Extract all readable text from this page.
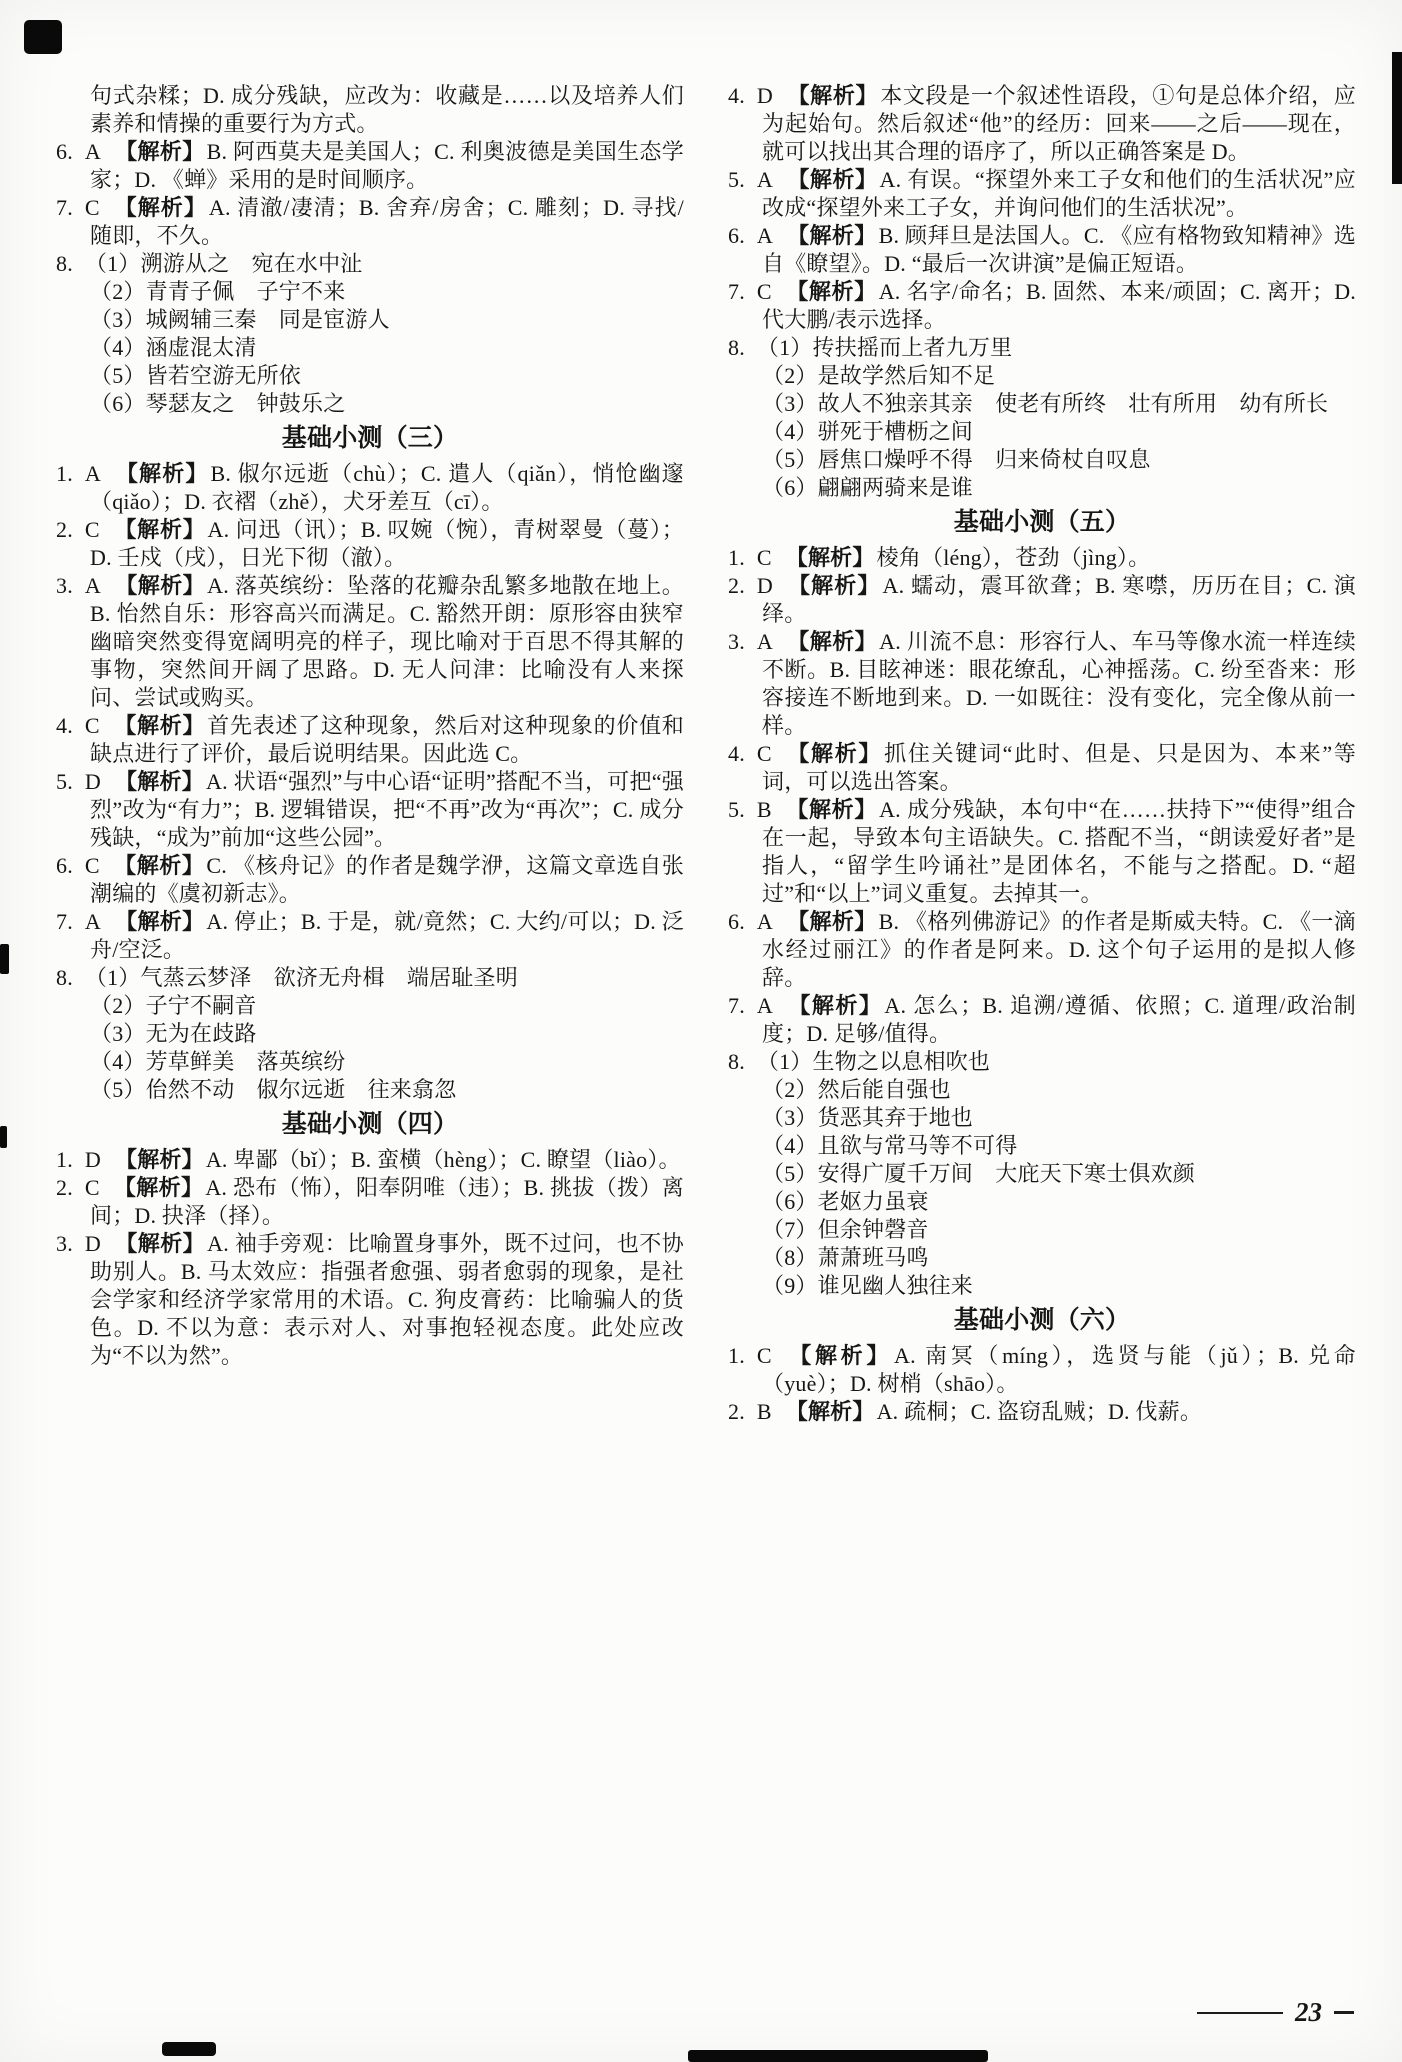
句式杂糅；D. 成分残缺，应改为：收藏是……以及培养人们素养和情操的重要行为方式。
6. A 【解析】B. 阿西莫夫是美国人；C. 利奥波德是美国生态学家；D. 《蝉》采用的是时间顺序。
7. C 【解析】A. 清澈/凄清；B. 舍弃/房舍；C. 雕刻；D. 寻找/随即，不久。
8. （1）溯游从之　宛在水中沚
（2）青青子佩　子宁不来
（3）城阙辅三秦　同是宦游人
（4）涵虚混太清
（5）皆若空游无所依
（6）琴瑟友之　钟鼓乐之
基础小测（三）
1. A 【解析】B. 俶尔远逝（chù）；C. 遣人（qiǎn），悄怆幽邃（qiǎo）；D. 衣褶（zhě），犬牙差互（cī）。
2. C 【解析】A. 问迅（讯）；B. 叹婉（惋），青树翠曼（蔓）；D. 壬戍（戌），日光下彻（澈）。
3. A 【解析】A. 落英缤纷：坠落的花瓣杂乱繁多地散在地上。B. 怡然自乐：形容高兴而满足。C. 豁然开朗：原形容由狭窄幽暗突然变得宽阔明亮的样子，现比喻对于百思不得其解的事物，突然间开阔了思路。D. 无人问津：比喻没有人来探问、尝试或购买。
4. C 【解析】首先表述了这种现象，然后对这种现象的价值和缺点进行了评价，最后说明结果。因此选 C。
5. D 【解析】A. 状语“强烈”与中心语“证明”搭配不当，可把“强烈”改为“有力”；B. 逻辑错误，把“不再”改为“再次”；C. 成分残缺，“成为”前加“这些公园”。
6. C 【解析】C. 《核舟记》的作者是魏学洢，这篇文章选自张潮编的《虞初新志》。
7. A 【解析】A. 停止；B. 于是，就/竟然；C. 大约/可以；D. 泛舟/空泛。
8. （1）气蒸云梦泽　欲济无舟楫　端居耻圣明
（2）子宁不嗣音
（3）无为在歧路
（4）芳草鲜美　落英缤纷
（5）佁然不动　俶尔远逝　往来翕忽
基础小测（四）
1. D 【解析】A. 卑鄙（bǐ）；B. 蛮横（hèng）；C. 瞭望（liào）。
2. C 【解析】A. 恐布（怖），阳奉阴唯（违）；B. 挑拔（拨）离间；D. 抉泽（择）。
3. D 【解析】A. 袖手旁观：比喻置身事外，既不过问，也不协助别人。B. 马太效应：指强者愈强、弱者愈弱的现象，是社会学家和经济学家常用的术语。C. 狗皮膏药：比喻骗人的货色。D. 不以为意：表示对人、对事抱轻视态度。此处应改为“不以为然”。
4. D 【解析】本文段是一个叙述性语段，①句是总体介绍，应为起始句。然后叙述“他”的经历：回来——之后——现在，就可以找出其合理的语序了，所以正确答案是 D。
5. A 【解析】A. 有误。“探望外来工子女和他们的生活状况”应改成“探望外来工子女，并询问他们的生活状况”。
6. A 【解析】B. 顾拜旦是法国人。C. 《应有格物致知精神》选自《瞭望》。D. “最后一次讲演”是偏正短语。
7. C 【解析】A. 名字/命名；B. 固然、本来/顽固；C. 离开；D. 代大鹏/表示选择。
8. （1）抟扶摇而上者九万里
（2）是故学然后知不足
（3）故人不独亲其亲　使老有所终　壮有所用　幼有所长
（4）骈死于槽枥之间
（5）唇焦口燥呼不得　归来倚杖自叹息
（6）翩翩两骑来是谁
基础小测（五）
1. C 【解析】棱角（léng），苍劲（jìng）。
2. D 【解析】A. 蠕动，震耳欲聋；B. 寒噤，历历在目；C. 演绎。
3. A 【解析】A. 川流不息：形容行人、车马等像水流一样连续不断。B. 目眩神迷：眼花缭乱，心神摇荡。C. 纷至沓来：形容接连不断地到来。D. 一如既往：没有变化，完全像从前一样。
4. C 【解析】抓住关键词“此时、但是、只是因为、本来”等词，可以选出答案。
5. B 【解析】A. 成分残缺，本句中“在……扶持下”“使得”组合在一起，导致本句主语缺失。C. 搭配不当，“朗读爱好者”是指人，“留学生吟诵社”是团体名，不能与之搭配。D. “超过”和“以上”词义重复。去掉其一。
6. A 【解析】B. 《格列佛游记》的作者是斯威夫特。C. 《一滴水经过丽江》的作者是阿来。D. 这个句子运用的是拟人修辞。
7. A 【解析】A. 怎么；B. 追溯/遵循、依照；C. 道理/政治制度；D. 足够/值得。
8. （1）生物之以息相吹也
（2）然后能自强也
（3）货恶其弃于地也
（4）且欲与常马等不可得
（5）安得广厦千万间　大庇天下寒士俱欢颜
（6）老妪力虽衰
（7）但余钟磬音
（8）萧萧班马鸣
（9）谁见幽人独往来
基础小测（六）
1. C 【解析】A. 南冥（míng），选贤与能（jǔ）；B. 兑命（yuè）；D. 树梢（shāo）。
2. B 【解析】A. 疏桐；C. 盗窃乱贼；D. 伐薪。
23
